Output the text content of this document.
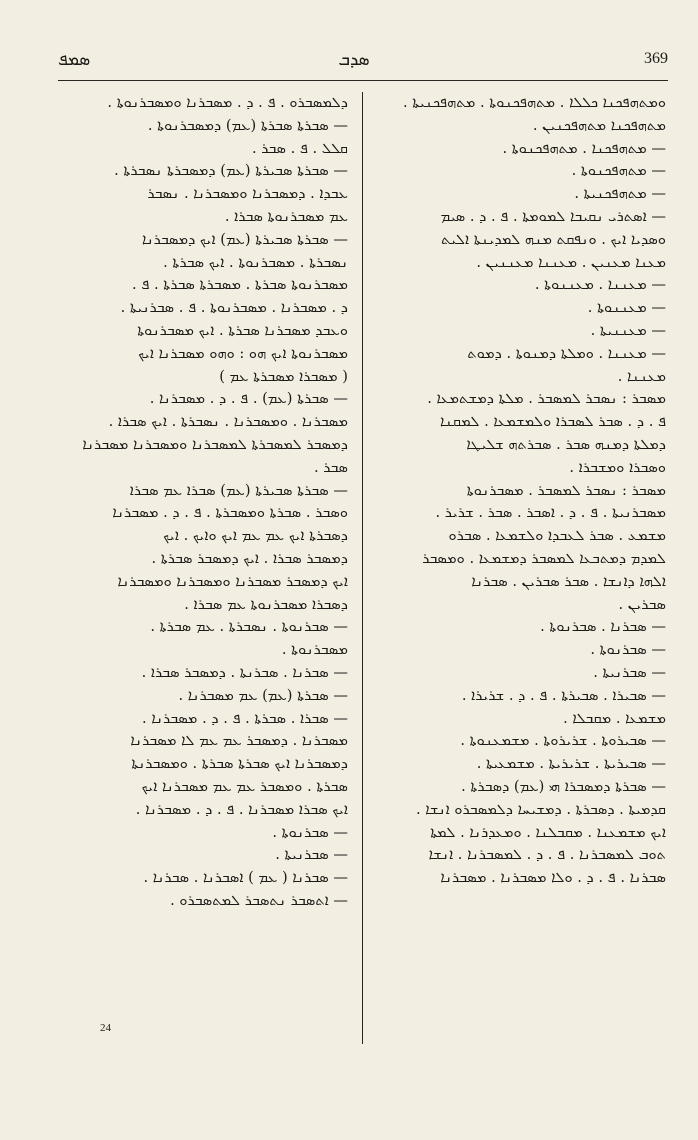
ܣܡܦ	ܣܕܒ	369
ܘܡܬܗܦܟܢܐ ܟܠܠܐ . ܡܬܗܦܟܢܘܬܐ . ܡܬܗܦܟܢܝܬܐ .
ܡܬܗܦܟܢܐ ܡܬܗܦܟܢܝܢ .
— ܡܬܗܦܟܢܐ . ܡܬܗܦܟܢܘܬܐ .
— ܡܬܗܦܟܢܘܬܐ .
— ܡܬܗܦܟܢܝܬܐ .
— ܐܣܬܪܝ ܢܩܝܒܐ ܠܡܘܡܬܐ . ܦ . ܕ . ܣܝܡ
ܘܣܕܝܐ ܐܝܟ . ܘܢܦܩܬ ܡܢܗ ܠܡܕܝܢܬܐ ܐܠܝܬ
ܡܥܢܐ ܡܥܢܝܢ . ܡܥܢܢܐ ܡܥܢܢܝܢ .
— ܡܥܢܢܐ . ܡܥܢܢܘܬܐ .
— ܡܥܢܢܘܬܐ .
— ܡܥܢܢܝܬܐ .
— ܡܥܢܢܐ . ܘܡܠܬܐ ܕܡܢܘܬܐ . ܕܡܘܬ
ܡܥܢܢܐ .
ܡܣܒܪ : ܢܣܒܪ ܠܡܣܒܪ . ܡܠܬܐ ܕܡܫܬܡܥܐ .
ܦ . ܕ . ܣܒܪ ܠܣܒܪܐ ܘܠܡܫܡܥܐ . ܠܡܩܢܐ
ܕܡܠܬܐ ܕܡܢܗ ܣܒܪ . ܣܒܪܬܗ ܫܠܝܛܐ
ܘܣܒܪܐ ܘܡܫܒܪܐ .
ܡܣܒܪ : ܢܣܒܪ ܠܡܣܒܪ . ܡܣܒܪܢܘܬܐ
ܡܣܒܪܢܝܬܐ . ܦ . ܕ . ܐܣܒܪ . ܣܒܪ . ܫܪܝܪ .
ܡܫܡܥ . ܣܒܪ ܠܥܒܕܐ ܘܠܫܡܥܐ . ܣܒܪܘ
ܠܡܕܡ ܕܡܬܒܥܐ ܠܡܣܒܪ ܕܡܫܡܥܐ . ܘܡܣܒܪ
ܐܠܗܐ ܕܐܢܫܐ . ܣܒܪ ܣܒܪܝܢ . ܣܒܪܢܐ
ܣܒܪܝܢ .
— ܣܒܪܢܐ . ܣܒܪܢܘܬܐ .
— ܣܒܪܢܘܬܐ .
— ܣܒܪܢܝܬܐ .
— ܣܒܝܪܐ . ܣܒܝܪܬܐ . ܦ . ܕ . ܫܪܝܪܐ .
ܡܫܡܥܐ . ܡܩܒܠܐ .
— ܣܒܝܪܘܬܐ . ܫܪܝܪܘܬܐ . ܡܫܡܥܢܘܬܐ .
— ܣܒܝܪܝܬܐ . ܫܪܝܪܝܬܐ . ܡܫܡܥܝܬܐ .
— ܣܒܪܬܐ ܕܡܣܒܪܐ ܗܝ (ܥܡ) ܕܣܒܪܬܐ .
ܩܕܡܝܬܐ . ܕܣܒܪܬܐ . ܕܡܫܝܚܐ ܕܠܡܣܒܪܘ ܐܢܫܐ .
ܐܝܟ ܡܫܡܥܢܐ . ܡܩܒܠܢܐ . ܘܡܥܕܪܢܐ . ܠܡܬܐ
ܬܘܒ ܠܡܣܒܪܢܐ . ܦ . ܕ . ܠܡܣܒܪܢܐ . ܐܢܫܐ
ܣܒܪܢܐ . ܦ . ܕ . ܘܠܐ ܡܣܒܪܢܐ . ܡܣܒܪܢܐ
ܕܠܡܣܒܪܘ . ܦ . ܕ . ܡܣܒܪܢܐ ܘܡܣܒܪܢܘܬܐ .
— ܣܒܪܬܐ ܣܒܪܬܐ (ܥܡ) ܕܡܣܒܪܢܘܬܐ .
ܩܠܠ . ܦ . ܣܒܪ .
— ܣܒܪܬܐ ܣܒܝܪܬܐ (ܥܡ) ܕܡܣܒܪܬܐ ܢܣܒܪܬܐ .
ܥܒܕܐ . ܕܡܣܒܪܢܐ ܘܡܣܒܪܢܐ . ܢܣܒܪ
ܥܡ ܡܣܒܪܢܘܬܐ ܣܒܪܐ .
— ܣܒܪܬܐ ܣܒܝܪܬܐ (ܥܡ) ܐܝܟ ܕܡܣܒܪܢܐ
ܢܣܒܪܬܐ . ܡܣܒܪܢܘܬܐ . ܐܝܟ ܣܒܪܬܐ .
ܡܣܒܪܢܘܬܐ ܣܒܪܬܐ . ܡܣܒܪܬܐ ܣܒܪܬܐ . ܦ .
ܕ . ܡܣܒܪܢܐ . ܡܣܒܪܢܘܬܐ . ܦ . ܣܒܪܢܝܬܐ .
ܘܥܒܕ ܡܣܒܪܢܐ ܣܒܪܬܐ . ܐܝܟ ܡܣܒܪܢܘܬܐ
ܡܣܒܪܢܘܬܐ ܐܝܟ ܗܘ : ܘܗܘ ܡܣܒܪܢܐ ܐܝܟ
( ܡܣܒܪܐ ܡܣܒܪܬܐ ܥܡ )
— ܣܒܪܬܐ (ܥܡ) . ܦ . ܕ . ܡܣܒܪܢܐ .
ܡܣܒܪܢܐ . ܘܡܣܒܪܢܐ . ܢܣܒܪܬܐ . ܐܝܟ ܣܒܪܐ .
ܕܡܣܒܪ ܠܡܣܒܪܬܐ ܠܡܣܒܪܢܐ ܘܡܣܒܪܢܐ ܡܣܒܪܢܐ
ܣܒܪ .
— ܣܒܪܬܐ ܣܒܝܪܬܐ (ܥܡ) ܣܒܪܐ ܥܡ ܣܒܪܐ
ܘܣܒܪ . ܣܒܪܬܐ ܘܡܣܒܪܬܐ . ܦ . ܕ . ܡܣܒܪܢܐ
ܕܣܒܪܬܐ ܐܝܟ ܥܡ ܥܡ ܐܝܟ ܘܐܝܟ . ܐܝܟ
ܕܡܣܒܪ ܣܒܪܐ . ܐܝܟ ܕܡܣܒܪ ܣܒܪܬܐ .
ܐܝܟ ܕܡܣܒܪ ܡܣܒܪܢܐ ܘܡܣܒܪܢܐ ܘܡܣܒܪܢܐ
ܕܣܒܪܐ ܡܣܒܪܢܘܬܐ ܥܡ ܣܒܪܐ .
— ܣܒܪܢܘܬܐ . ܢܣܒܪܬܐ . ܥܡ ܣܒܪܬܐ .
ܡܣܒܪܢܘܬܐ .
— ܣܒܪܢܐ . ܣܒܪܢܬܐ . ܕܡܣܒܪ ܣܒܪܐ .
— ܣܒܪܬܐ (ܥܡ) ܥܡ ܡܣܒܪܢܐ .
— ܣܒܪܐ . ܣܒܪܬܐ . ܦ . ܕ . ܡܣܒܪܢܐ .
ܡܣܒܪܢܐ . ܕܡܣܒܪ ܥܡ ܥܡ ܠܐ ܡܣܒܪܢܐ
ܕܡܣܒܪܢܐ ܐܝܟ ܣܒܪܬܐ ܣܒܪܬܐ . ܘܡܣܒܪܢܬܐ
ܣܒܪܬܐ . ܘܡܣܒܪ ܥܡ ܥܡ ܡܣܒܪܢܐ ܐܝܟ
ܐܝܟ ܣܒܪܐ ܡܣܒܪܢܐ . ܦ . ܕ . ܡܣܒܪܢܐ .
— ܣܒܪܢܘܬܐ .
— ܣܒܪܢܝܬܐ .
— ܣܒܪܢܐ ( ܥܡ ) ܐܣܒܪܢܐ . ܣܒܪܢܐ .
— ܐܬܣܒܪ ܢܬܣܒܪ ܠܡܬܣܒܪܘ .
24
